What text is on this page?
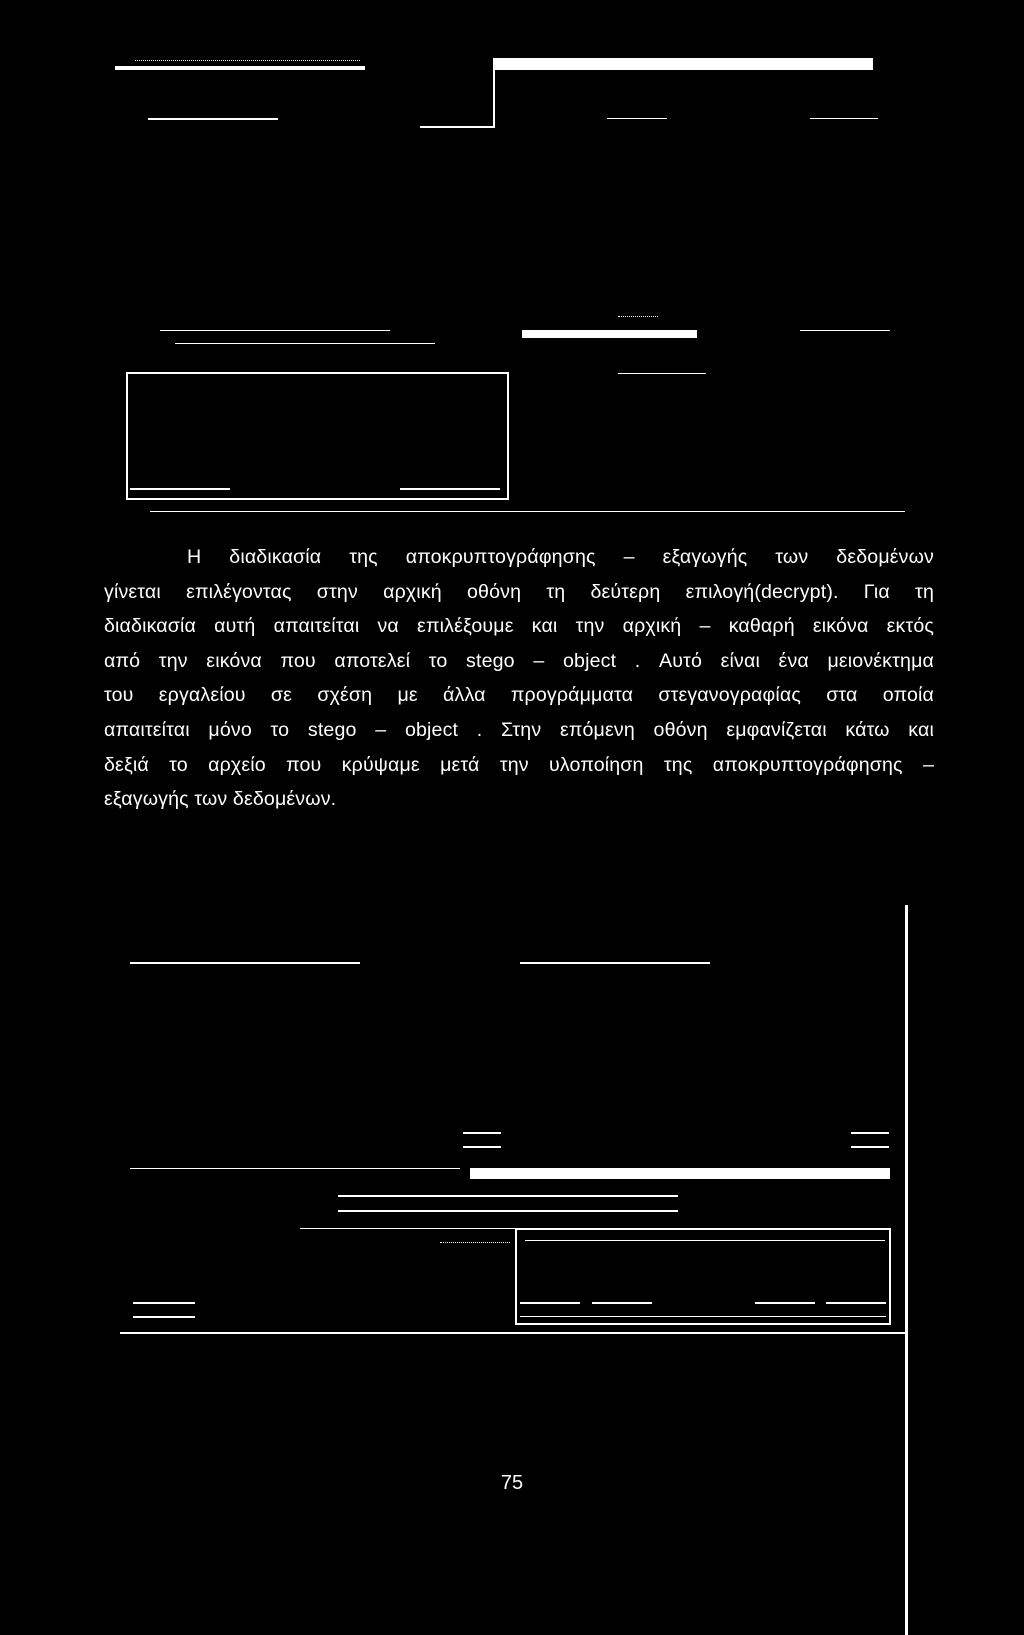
Η διαδικασία της αποκρυπτογράφησης – εξαγωγής των δεδομένων
γίνεται επιλέγοντας στην αρχική οθόνη τη δεύτερη επιλογή(decrypt). Για τη
διαδικασία αυτή απαιτείται να επιλέξουμε και την αρχική – καθαρή εικόνα εκτός
από την εικόνα που αποτελεί το stego – object . Αυτό είναι ένα μειονέκτημα
του εργαλείου σε σχέση με άλλα προγράμματα στεγανογραφίας στα οποία
απαιτείται μόνο το stego – object . Στην επόμενη οθόνη εμφανίζεται κάτω και
δεξιά το αρχείο που κρύψαμε μετά την υλοποίηση της αποκρυπτογράφησης –
εξαγωγής των δεδομένων.

75
